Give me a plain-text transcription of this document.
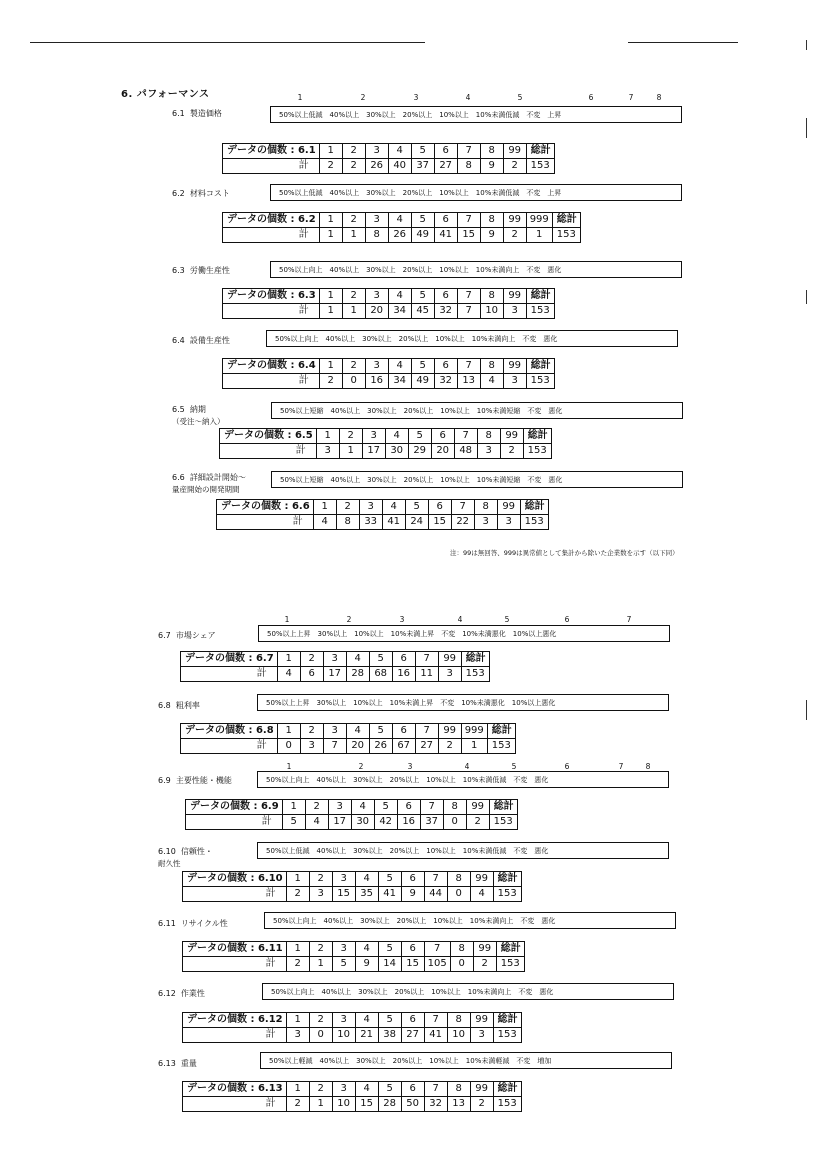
6. パフォーマンス	1	2	3	4	5	6	7	8
1	2	3	4	5	6	7
1	2	3	4	5	6	7	8
注：99は無回答、999は異常値として集計から除いた企業数を示す（以下同）
6.1 製造価格	50%以上低減　40%以上　30%以上　20%以上　10%以上　10%未満低減　不変　上昇
データの個数 : 6.1	1	2	3	4	5	6	7	8	99	総計
計	2	2	26	40	37	27	8	9	2	153
6.2 材料コスト	50%以上低減　40%以上　30%以上　20%以上　10%以上　10%未満低減　不変　上昇
データの個数 : 6.2	1	2	3	4	5	6	7	8	99	999	総計
計	1	1	8	26	49	41	15	9	2	1	153
6.3 労働生産性	50%以上向上　40%以上　30%以上　20%以上　10%以上　10%未満向上　不変　悪化
データの個数 : 6.3	1	2	3	4	5	6	7	8	99	総計
計	1	1	20	34	45	32	7	10	3	153
6.4 設備生産性	50%以上向上　40%以上　30%以上　20%以上　10%以上　10%未満向上　不変　悪化
データの個数 : 6.4	1	2	3	4	5	6	7	8	99	総計
計	2	0	16	34	49	32	13	4	3	153
6.5 納期
（受注～納入）
50%以上短縮　40%以上　30%以上　20%以上　10%以上　10%未満短縮　不変　悪化
データの個数 : 6.5	1	2	3	4	5	6	7	8	99	総計
計	3	1	17	30	29	20	48	3	2	153
6.6 詳細設計開始～
量産開始の開発期間
50%以上短縮　40%以上　30%以上　20%以上　10%以上　10%未満短縮　不変　悪化
データの個数 : 6.6	1	2	3	4	5	6	7	8	99	総計
計	4	8	33	41	24	15	22	3	3	153
6.7 市場シェア	50%以上上昇　30%以上　10%以上　10%未満上昇　不変　10%未満悪化　10%以上悪化
データの個数 : 6.7	1	2	3	4	5	6	7	99	総計
計	4	6	17	28	68	16	11	3	153
6.8 粗利率	50%以上上昇　30%以上　10%以上　10%未満上昇　不変　10%未満悪化　10%以上悪化
データの個数 : 6.8	1	2	3	4	5	6	7	99	999	総計
計	0	3	7	20	26	67	27	2	1	153
6.9 主要性能・機能	50%以上向上　40%以上　30%以上　20%以上　10%以上　10%未満低減　不変　悪化
データの個数 : 6.9	1	2	3	4	5	6	7	8	99	総計
計	5	4	17	30	42	16	37	0	2	153
6.10 信頼性・
耐久性
50%以上低減　40%以上　30%以上　20%以上　10%以上　10%未満低減　不変　悪化
データの個数 : 6.10	1	2	3	4	5	6	7	8	99	総計
計	2	3	15	35	41	9	44	0	4	153
6.11 リサイクル性	50%以上向上　40%以上　30%以上　20%以上　10%以上　10%未満向上　不変　悪化
データの個数 : 6.11	1	2	3	4	5	6	7	8	99	総計
計	2	1	5	9	14	15	105	0	2	153
6.12 作業性	50%以上向上　40%以上　30%以上　20%以上　10%以上　10%未満向上　不変　悪化
データの個数 : 6.12	1	2	3	4	5	6	7	8	99	総計
計	3	0	10	21	38	27	41	10	3	153
6.13 重量	50%以上軽減　40%以上　30%以上　20%以上　10%以上　10%未満軽減　不変　増加
データの個数 : 6.13	1	2	3	4	5	6	7	8	99	総計
計	2	1	10	15	28	50	32	13	2	153
